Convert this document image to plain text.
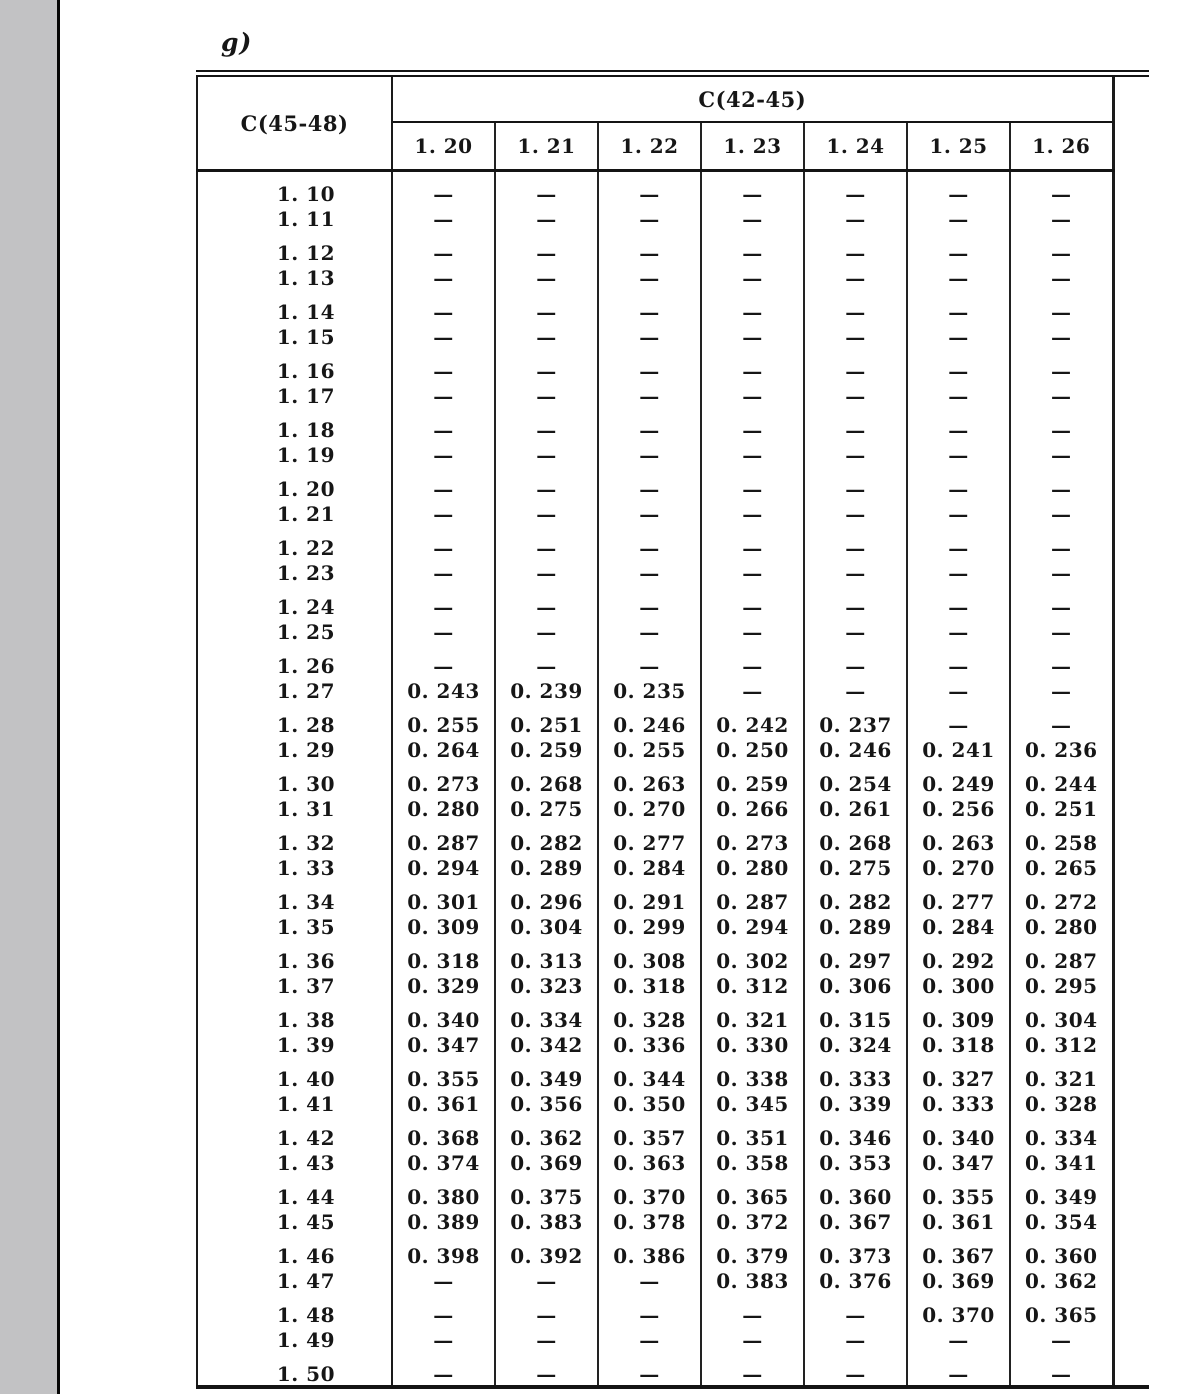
g)
C(45-48)	C(42-45)						
	1. 20	1. 21	1. 22	1. 23	1. 24	1. 25	1. 26
1. 10	—	—	—	—	—	—	—
1. 11	—	—	—	—	—	—	—
1. 12	—	—	—	—	—	—	—
1. 13	—	—	—	—	—	—	—
1. 14	—	—	—	—	—	—	—
1. 15	—	—	—	—	—	—	—
1. 16	—	—	—	—	—	—	—
1. 17	—	—	—	—	—	—	—
1. 18	—	—	—	—	—	—	—
1. 19	—	—	—	—	—	—	—
1. 20	—	—	—	—	—	—	—
1. 21	—	—	—	—	—	—	—
1. 22	—	—	—	—	—	—	—
1. 23	—	—	—	—	—	—	—
1. 24	—	—	—	—	—	—	—
1. 25	—	—	—	—	—	—	—
1. 26	—	—	—	—	—	—	—
1. 27	0. 243	0. 239	0. 235	—	—	—	—
1. 28	0. 255	0. 251	0. 246	0. 242	0. 237	—	—
1. 29	0. 264	0. 259	0. 255	0. 250	0. 246	0. 241	0. 236
1. 30	0. 273	0. 268	0. 263	0. 259	0. 254	0. 249	0. 244
1. 31	0. 280	0. 275	0. 270	0. 266	0. 261	0. 256	0. 251
1. 32	0. 287	0. 282	0. 277	0. 273	0. 268	0. 263	0. 258
1. 33	0. 294	0. 289	0. 284	0. 280	0. 275	0. 270	0. 265
1. 34	0. 301	0. 296	0. 291	0. 287	0. 282	0. 277	0. 272
1. 35	0. 309	0. 304	0. 299	0. 294	0. 289	0. 284	0. 280
1. 36	0. 318	0. 313	0. 308	0. 302	0. 297	0. 292	0. 287
1. 37	0. 329	0. 323	0. 318	0. 312	0. 306	0. 300	0. 295
1. 38	0. 340	0. 334	0. 328	0. 321	0. 315	0. 309	0. 304
1. 39	0. 347	0. 342	0. 336	0. 330	0. 324	0. 318	0. 312
1. 40	0. 355	0. 349	0. 344	0. 338	0. 333	0. 327	0. 321
1. 41	0. 361	0. 356	0. 350	0. 345	0. 339	0. 333	0. 328
1. 42	0. 368	0. 362	0. 357	0. 351	0. 346	0. 340	0. 334
1. 43	0. 374	0. 369	0. 363	0. 358	0. 353	0. 347	0. 341
1. 44	0. 380	0. 375	0. 370	0. 365	0. 360	0. 355	0. 349
1. 45	0. 389	0. 383	0. 378	0. 372	0. 367	0. 361	0. 354
1. 46	0. 398	0. 392	0. 386	0. 379	0. 373	0. 367	0. 360
1. 47	—	—	—	0. 383	0. 376	0. 369	0. 362
1. 48	—	—	—	—	—	0. 370	0. 365
1. 49	—	—	—	—	—	—	—
1. 50	—	—	—	—	—	—	—
